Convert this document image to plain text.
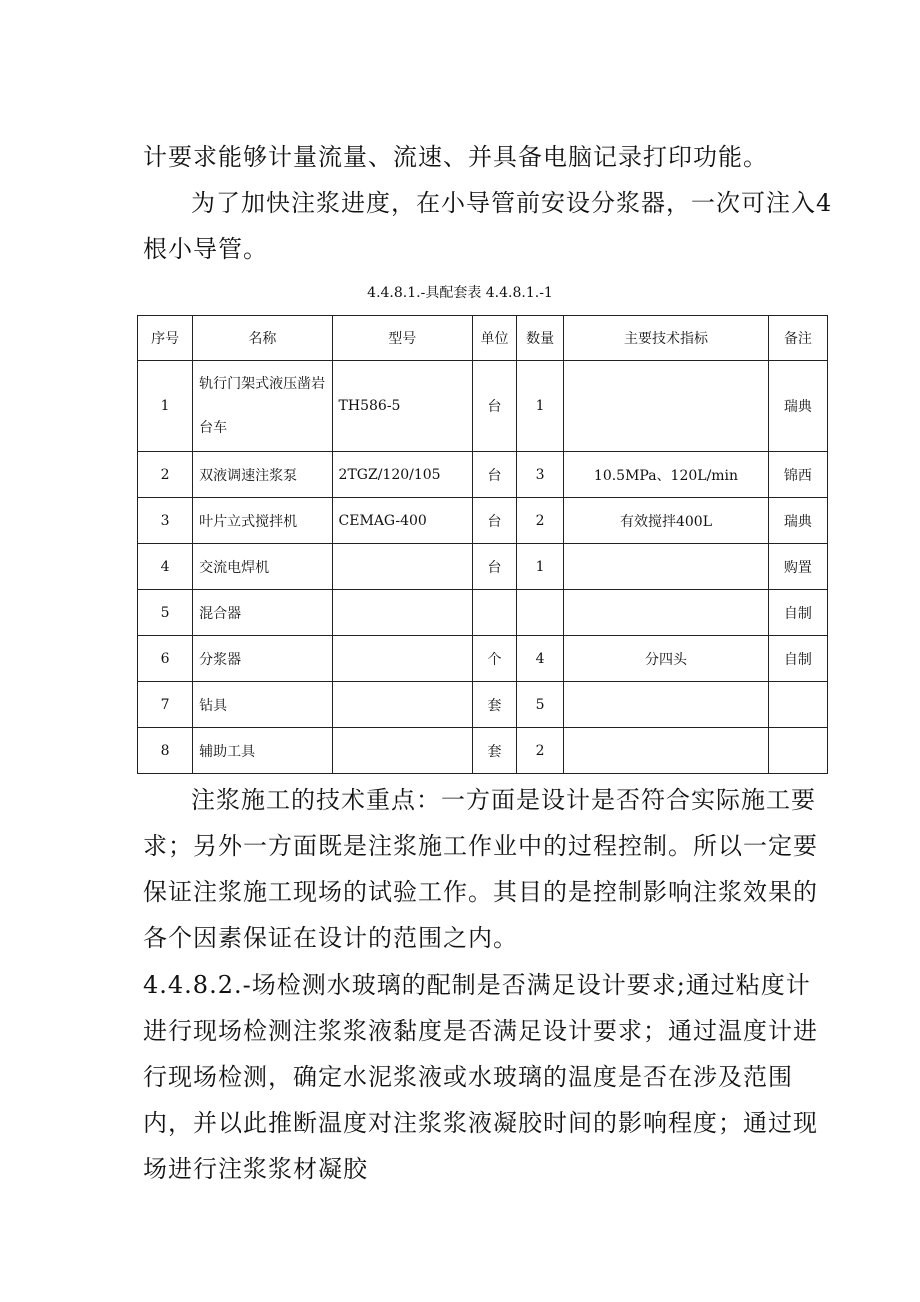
计要求能够计量流量、流速、并具备电脑记录打印功能。

为了加快注浆进度，在小导管前安设分浆器，一次可注入4根小导管。

4.4.8.1.-具配套表 4.4.8.1.-1
序号	名称	型号	单位	数量	主要技术指标	备注
1	轨行门架式液压凿岩台车	TH586-5	台	1		瑞典
2	双液调速注浆泵	2TGZ/120/105	台	3	10.5MPa、120L/min	锦西
3	叶片立式搅拌机	CEMAG-400	台	2	有效搅拌400L	瑞典
4	交流电焊机		台	1		购置
5	混合器					自制
6	分浆器		个	4	分四头	自制
7	钻具		套	5		
8	辅助工具		套	2		

注浆施工的技术重点：一方面是设计是否符合实际施工要求；另外一方面既是注浆施工作业中的过程控制。所以一定要保证注浆施工现场的试验工作。其目的是控制影响注浆效果的各个因素保证在设计的范围之内。

4.4.8.2.-场检测水玻璃的配制是否满足设计要求;通过粘度计进行现场检测注浆浆液黏度是否满足设计要求；通过温度计进行现场检测，确定水泥浆液或水玻璃的温度是否在涉及范围内，并以此推断温度对注浆浆液凝胶时间的影响程度；通过现场进行注浆浆材凝胶
